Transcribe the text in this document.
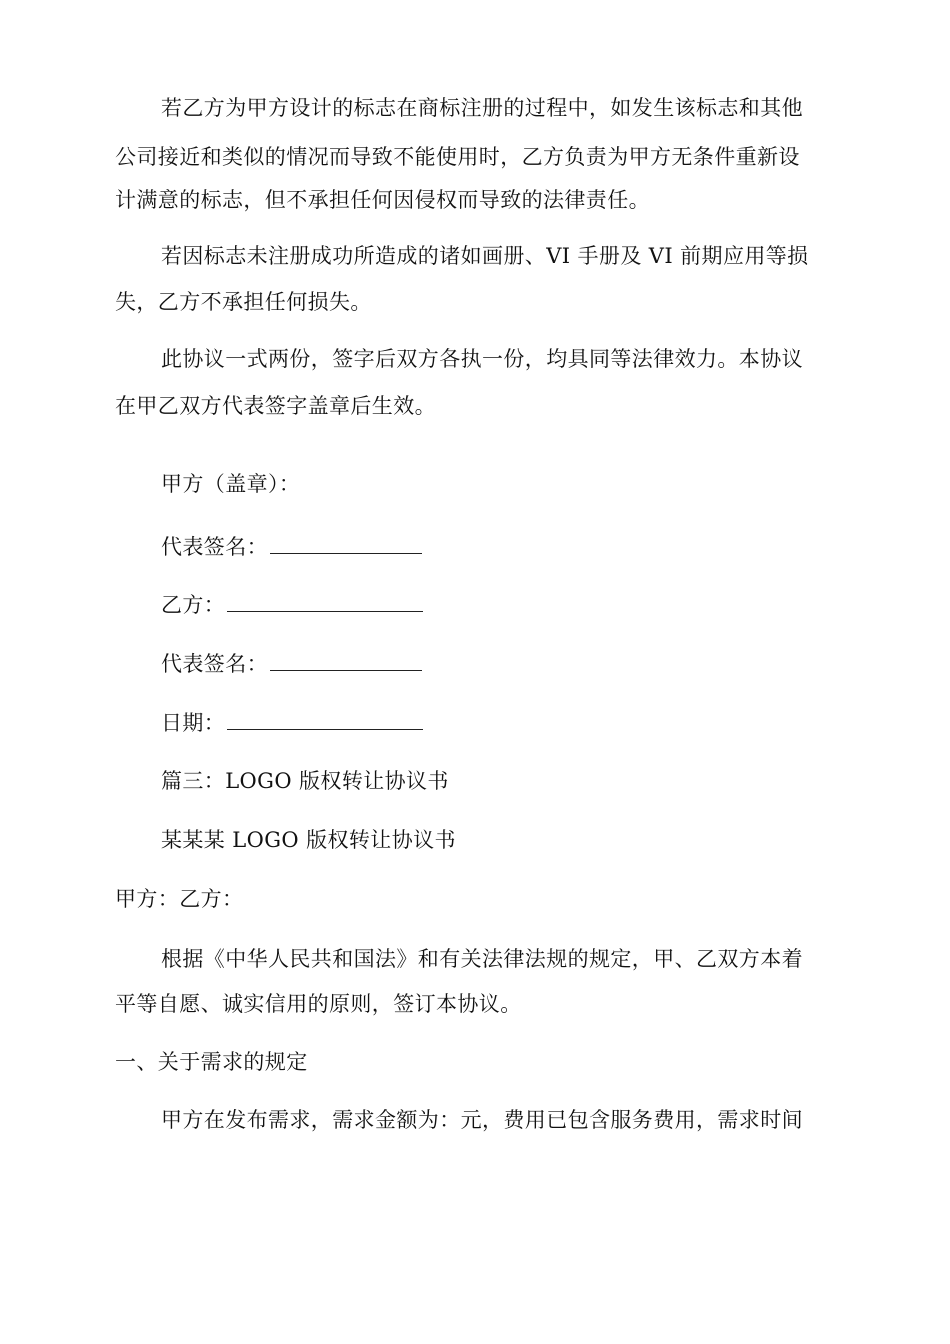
若乙方为甲方设计的标志在商标注册的过程中，如发生该标志和其他
公司接近和类似的情况而导致不能使用时，乙方负责为甲方无条件重新设
计满意的标志，但不承担任何因侵权而导致的法律责任。
若因标志未注册成功所造成的诸如画册、VI 手册及 VI 前期应用等损
失，乙方不承担任何损失。
此协议一式两份，签字后双方各执一份，均具同等法律效力。本协议
在甲乙双方代表签字盖章后生效。
甲方（盖章）：
代表签名：
乙方：
代表签名：
日期：
篇三：LOGO 版权转让协议书
某某某 LOGO 版权转让协议书
甲方：乙方：
根据《中华人民共和国法》和有关法律法规的规定，甲、乙双方本着
平等自愿、诚实信用的原则，签订本协议。
一、关于需求的规定
甲方在发布需求，需求金额为：元，费用已包含服务费用，需求时间
